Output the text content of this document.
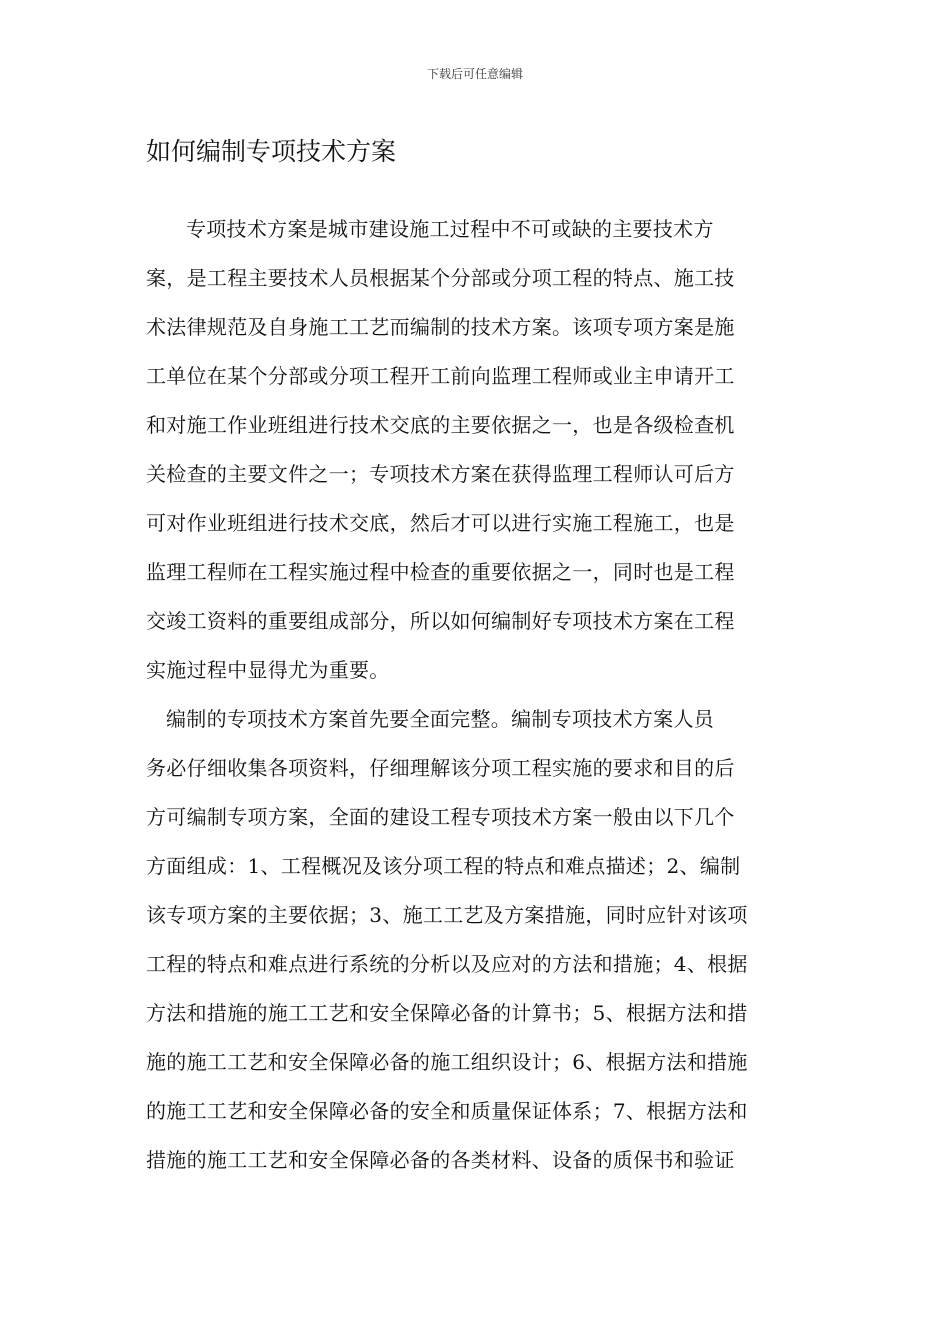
下载后可任意编辑
如何编制专项技术方案
专项技术方案是城市建设施工过程中不可或缺的主要技术方
案，是工程主要技术人员根据某个分部或分项工程的特点、施工技
术法律规范及自身施工工艺而编制的技术方案。该项专项方案是施
工单位在某个分部或分项工程开工前向监理工程师或业主申请开工
和对施工作业班组进行技术交底的主要依据之一，也是各级检查机
关检查的主要文件之一；专项技术方案在获得监理工程师认可后方
可对作业班组进行技术交底，然后才可以进行实施工程施工，也是
监理工程师在工程实施过程中检查的重要依据之一，同时也是工程
交竣工资料的重要组成部分，所以如何编制好专项技术方案在工程
实施过程中显得尤为重要。
编制的专项技术方案首先要全面完整。编制专项技术方案人员
务必仔细收集各项资料，仔细理解该分项工程实施的要求和目的后
方可编制专项方案，全面的建设工程专项技术方案一般由以下几个
方面组成：1、工程概况及该分项工程的特点和难点描述；2、编制
该专项方案的主要依据；3、施工工艺及方案措施，同时应针对该项
工程的特点和难点进行系统的分析以及应对的方法和措施；4、根据
方法和措施的施工工艺和安全保障必备的计算书；5、根据方法和措
施的施工工艺和安全保障必备的施工组织设计；6、根据方法和措施
的施工工艺和安全保障必备的安全和质量保证体系；7、根据方法和
措施的施工工艺和安全保障必备的各类材料、设备的质保书和验证
